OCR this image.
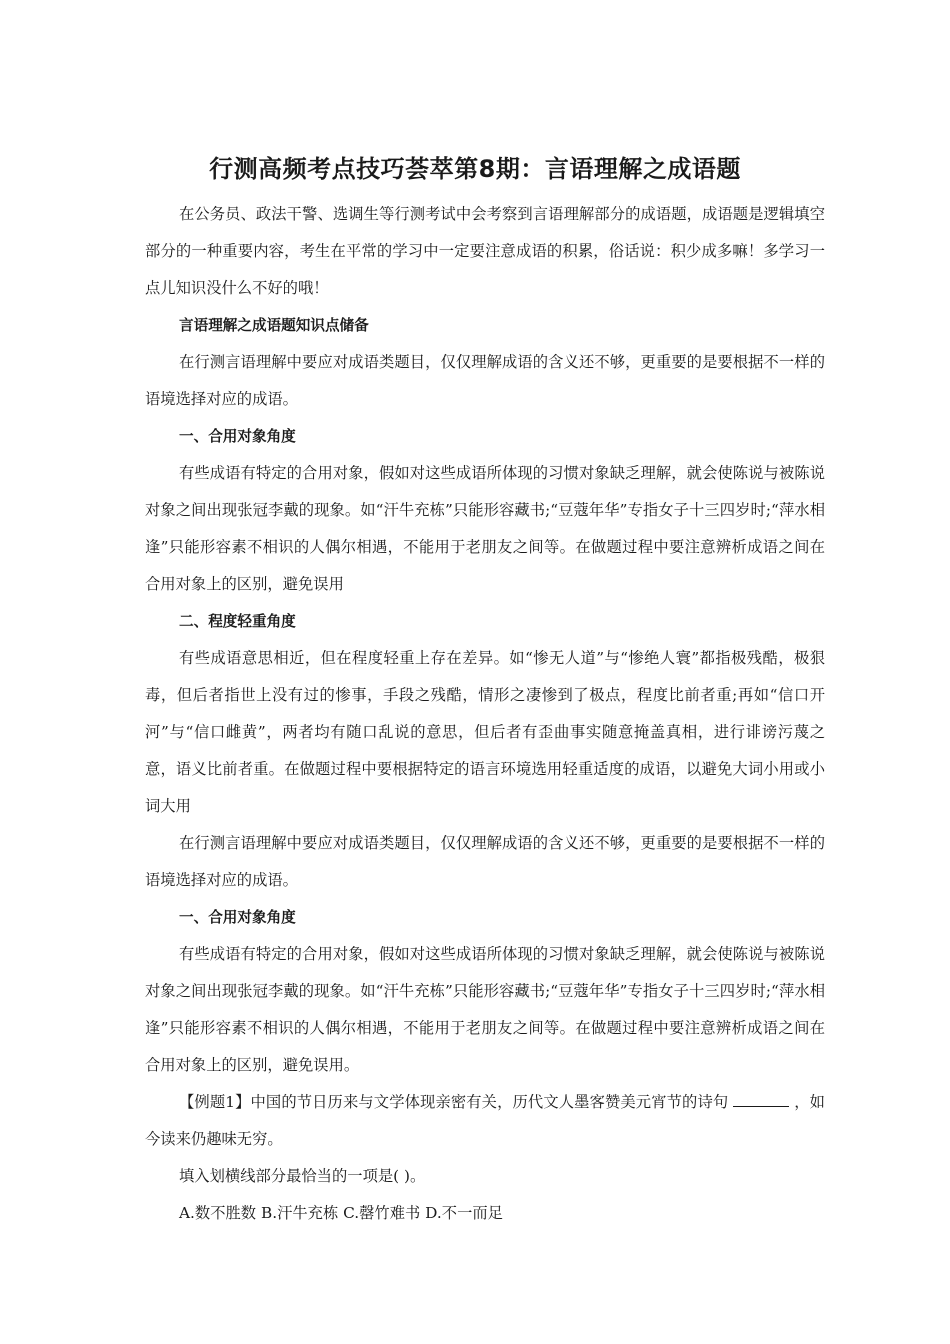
行测高频考点技巧荟萃第8期：言语理解之成语题

在公务员、政法干警、选调生等行测考试中会考察到言语理解部分的成语题，成语题是逻辑填空部分的一种重要内容，考生在平常的学习中一定要注意成语的积累，俗话说：积少成多嘛！多学习一点儿知识没什么不好的哦！

言语理解之成语题知识点储备

在行测言语理解中要应对成语类题目，仅仅理解成语的含义还不够，更重要的是要根据不一样的语境选择对应的成语。

一、合用对象角度

有些成语有特定的合用对象，假如对这些成语所体现的习惯对象缺乏理解，就会使陈说与被陈说对象之间出现张冠李戴的现象。如“汗牛充栋”只能形容藏书;“豆蔻年华”专指女子十三四岁时;“萍水相逢”只能形容素不相识的人偶尔相遇，不能用于老朋友之间等。在做题过程中要注意辨析成语之间在合用对象上的区别，避免误用

二、程度轻重角度

有些成语意思相近，但在程度轻重上存在差异。如“惨无人道”与“惨绝人寰”都指极残酷，极狠毒，但后者指世上没有过的惨事，手段之残酷，情形之凄惨到了极点，程度比前者重;再如“信口开河”与“信口雌黄”，两者均有随口乱说的意思，但后者有歪曲事实随意掩盖真相，进行诽谤污蔑之意，语义比前者重。在做题过程中要根据特定的语言环境选用轻重适度的成语，以避免大词小用或小词大用

在行测言语理解中要应对成语类题目，仅仅理解成语的含义还不够，更重要的是要根据不一样的语境选择对应的成语。

一、合用对象角度

有些成语有特定的合用对象，假如对这些成语所体现的习惯对象缺乏理解，就会使陈说与被陈说对象之间出现张冠李戴的现象。如“汗牛充栋”只能形容藏书;“豆蔻年华”专指女子十三四岁时;“萍水相逢”只能形容素不相识的人偶尔相遇，不能用于老朋友之间等。在做题过程中要注意辨析成语之间在合用对象上的区别，避免误用。

【例题1】中国的节日历来与文学体现亲密有关，历代文人墨客赞美元宵节的诗句	，如今读来仍趣味无穷。

填入划横线部分最恰当的一项是( )。

A.数不胜数 B.汗牛充栋 C.罄竹难书 D.不一而足
